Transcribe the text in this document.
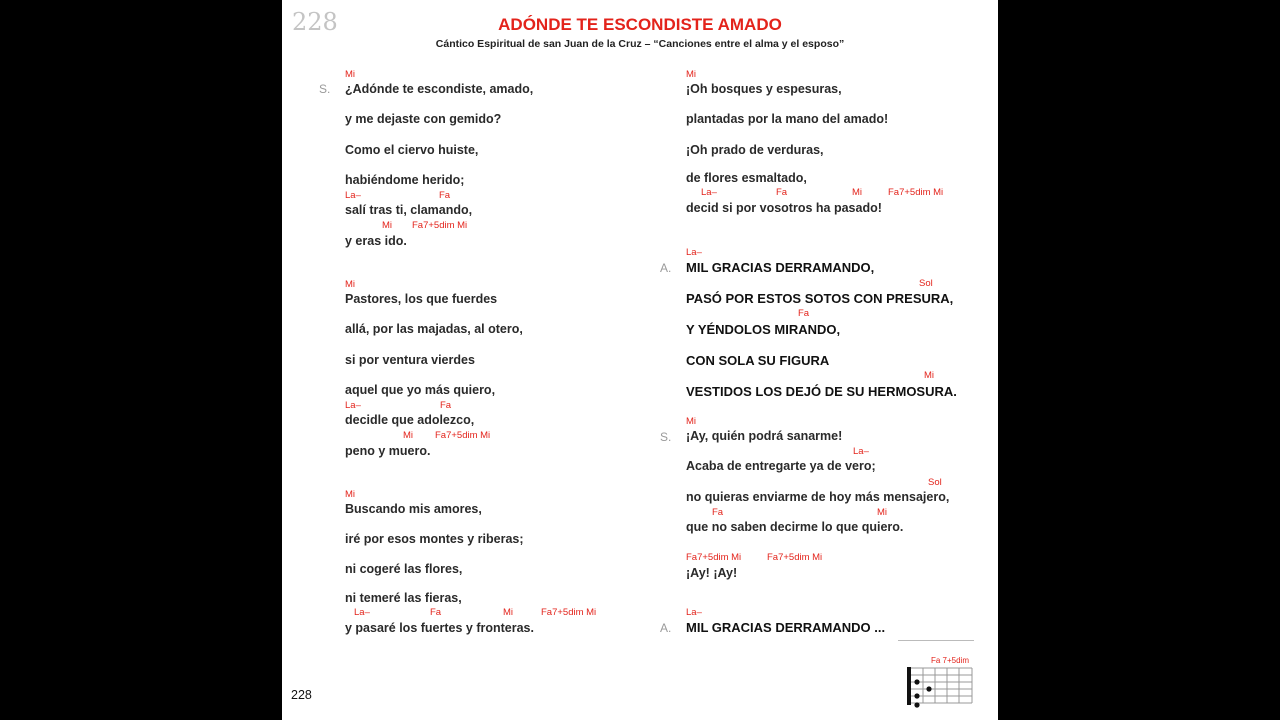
228	ADÓNDE TE ESCONDISTE AMADO
Cántico Espiritual de san Juan de la Cruz – “Canciones entre el alma y el esposo”
Mi
S. ¿Adónde te escondiste, amado,
y me dejaste con gemido?
Como el ciervo huiste,
habiéndome herido;
La–	Fa
salí tras ti, clamando,
Mi Fa7+5dim Mi
y eras ido.
Mi
Pastores, los que fuerdes
allá, por las majadas, al otero,
si por ventura vierdes
aquel que yo más quiero,
La–	Fa
decidle que adolezco,
Mi Fa7+5dim Mi
peno y muero.
Mi
Buscando mis amores,
iré por esos montes y riberas;
ni cogeré las flores,
ni temeré las fieras,
La–	Fa	Mi	Fa7+5dim Mi
y pasaré los fuertes y fronteras.
Mi
¡Oh bosques y espesuras,
plantadas por la mano del amado!
¡Oh prado de verduras,
de flores esmaltado,
La–	Fa	Mi	Fa7+5dim Mi
decid si por vosotros ha pasado!
La–
A. MIL GRACIAS DERRAMANDO,
Sol
PASÓ POR ESTOS SOTOS CON PRESURA,
Fa
Y YÉNDOLOS MIRANDO,
CON SOLA SU FIGURA
Mi
VESTIDOS LOS DEJÓ DE SU HERMOSURA.
Mi
S. ¡Ay, quién podrá sanarme!
La–
Acaba de entregarte ya de vero;
Sol
no quieras enviarme de hoy más mensajero,
Fa	Mi
que no saben decirme lo que quiero.
Fa7+5dim Mi	Fa7+5dim Mi
¡Ay! ¡Ay!
La–
A. MIL GRACIAS DERRAMANDO ...
Fa 7+5dim
228
